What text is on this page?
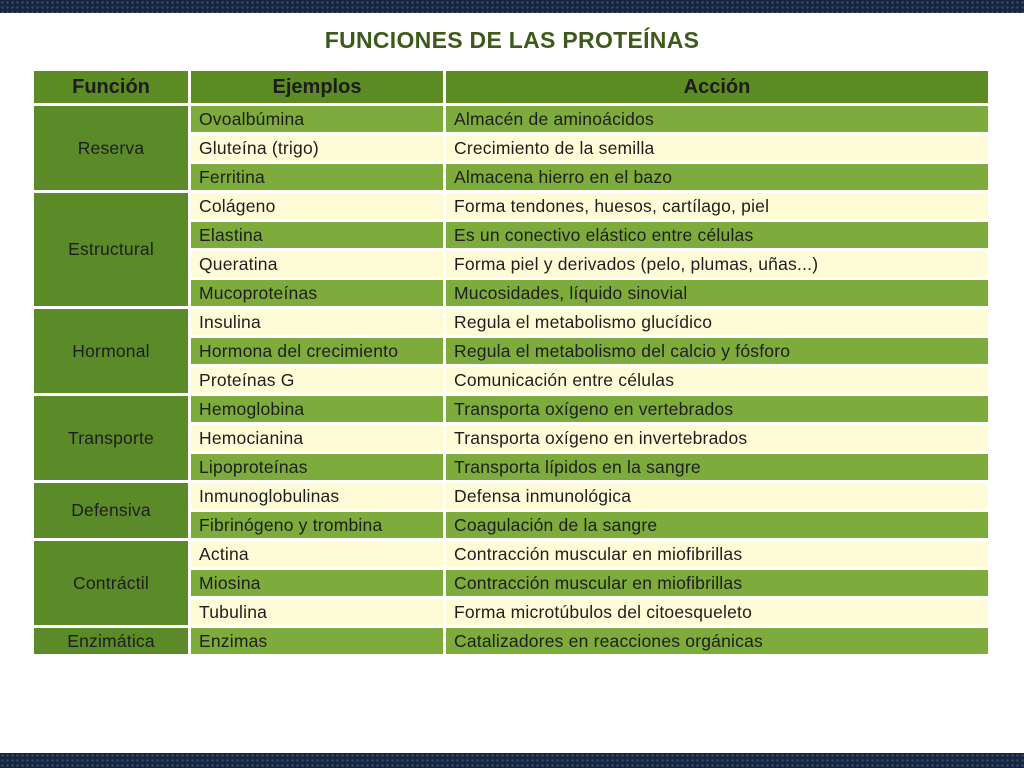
FUNCIONES DE LAS PROTEÍNAS
Función	Ejemplos	Acción
Reserva	Ovoalbúmina	Almacén de aminoácidos
	Gluteína (trigo)	Crecimiento de la semilla
	Ferritina	Almacena hierro en el bazo
Estructural	Colágeno	Forma tendones, huesos, cartílago, piel
	Elastina	Es un conectivo elástico entre células
	Queratina	Forma piel y derivados (pelo, plumas, uñas...)
	Mucoproteínas	Mucosidades, líquido sinovial
Hormonal	Insulina	Regula el metabolismo glucídico
	Hormona del crecimiento	Regula el metabolismo del calcio y fósforo
	Proteínas G	Comunicación entre células
Transporte	Hemoglobina	Transporta oxígeno en vertebrados
	Hemocianina	Transporta oxígeno en invertebrados
	Lipoproteínas	Transporta lípidos en la sangre
Defensiva	Inmunoglobulinas	Defensa inmunológica
	Fibrinógeno y trombina	Coagulación de la sangre
Contráctil	Actina	Contracción muscular en miofibrillas
	Miosina	Contracción muscular en miofibrillas
	Tubulina	Forma microtúbulos del citoesqueleto
Enzimática	Enzimas	Catalizadores en reacciones orgánicas
